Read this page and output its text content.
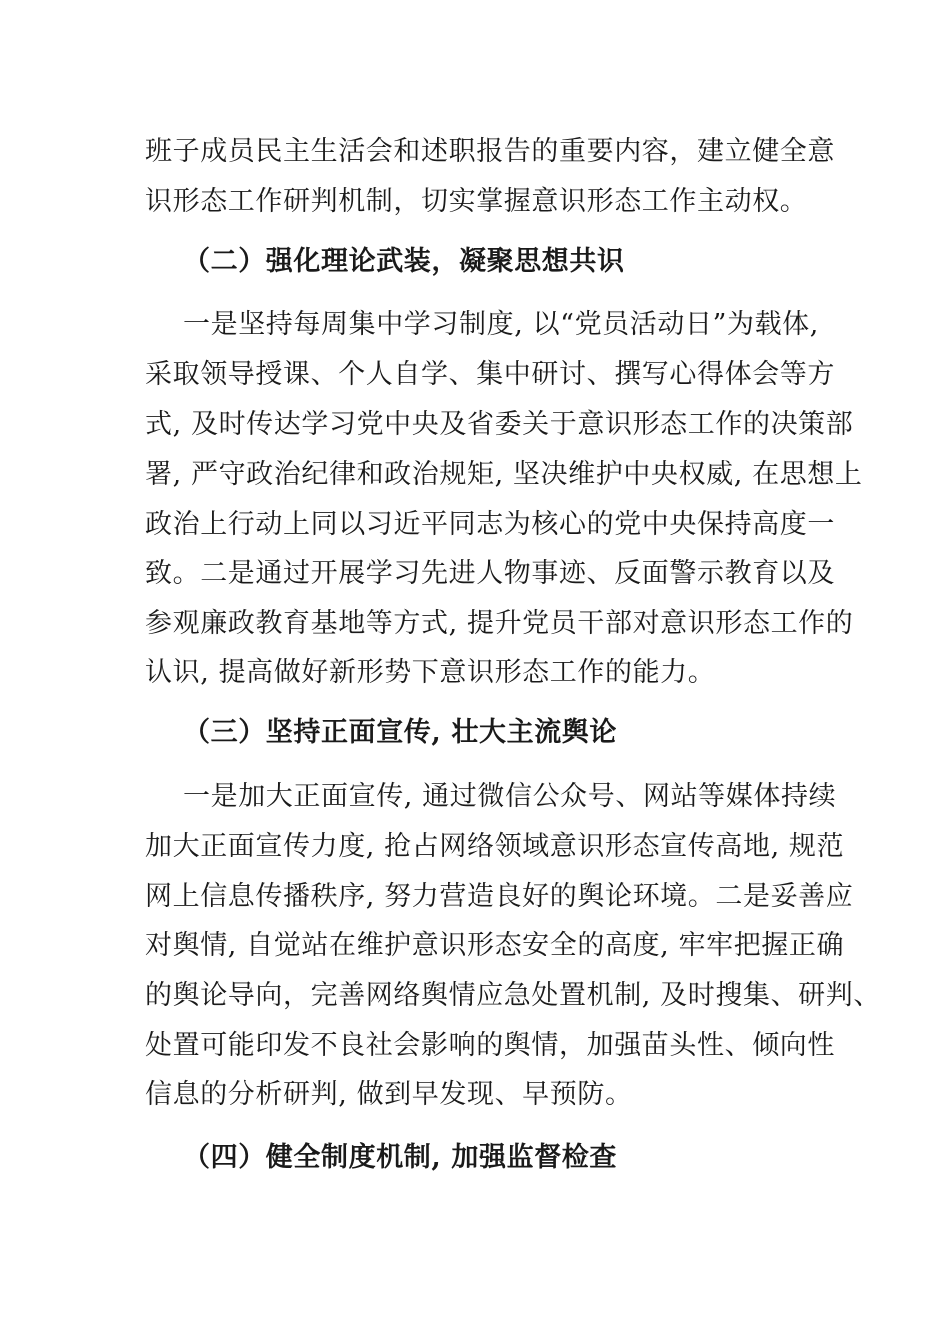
班子成员民主生活会和述职报告的重要内容，建立健全意
识形态工作研判机制，切实掌握意识形态工作主动权。
（二）强化理论武装，凝聚思想共识
一是坚持每周集中学习制度, 以“党员活动日”为载体,
采取领导授课、个人自学、集中研讨、撰写心得体会等方
式, 及时传达学习党中央及省委关于意识形态工作的决策部
署, 严守政治纪律和政治规矩, 坚决维护中央权威, 在思想上
政治上行动上同以习近平同志为核心的党中央保持高度一
致。二是通过开展学习先进人物事迹、反面警示教育以及
参观廉政教育基地等方式, 提升党员干部对意识形态工作的
认识, 提高做好新形势下意识形态工作的能力。
（三）坚持正面宣传, 壮大主流舆论
一是加大正面宣传, 通过微信公众号、网站等媒体持续
加大正面宣传力度, 抢占网络领域意识形态宣传高地, 规范
网上信息传播秩序, 努力营造良好的舆论环境。二是妥善应
对舆情, 自觉站在维护意识形态安全的高度, 牢牢把握正确
的舆论导向，完善网络舆情应急处置机制, 及时搜集、研判、
处置可能印发不良社会影响的舆情，加强苗头性、倾向性
信息的分析研判, 做到早发现、早预防。
（四）健全制度机制, 加强监督检查
